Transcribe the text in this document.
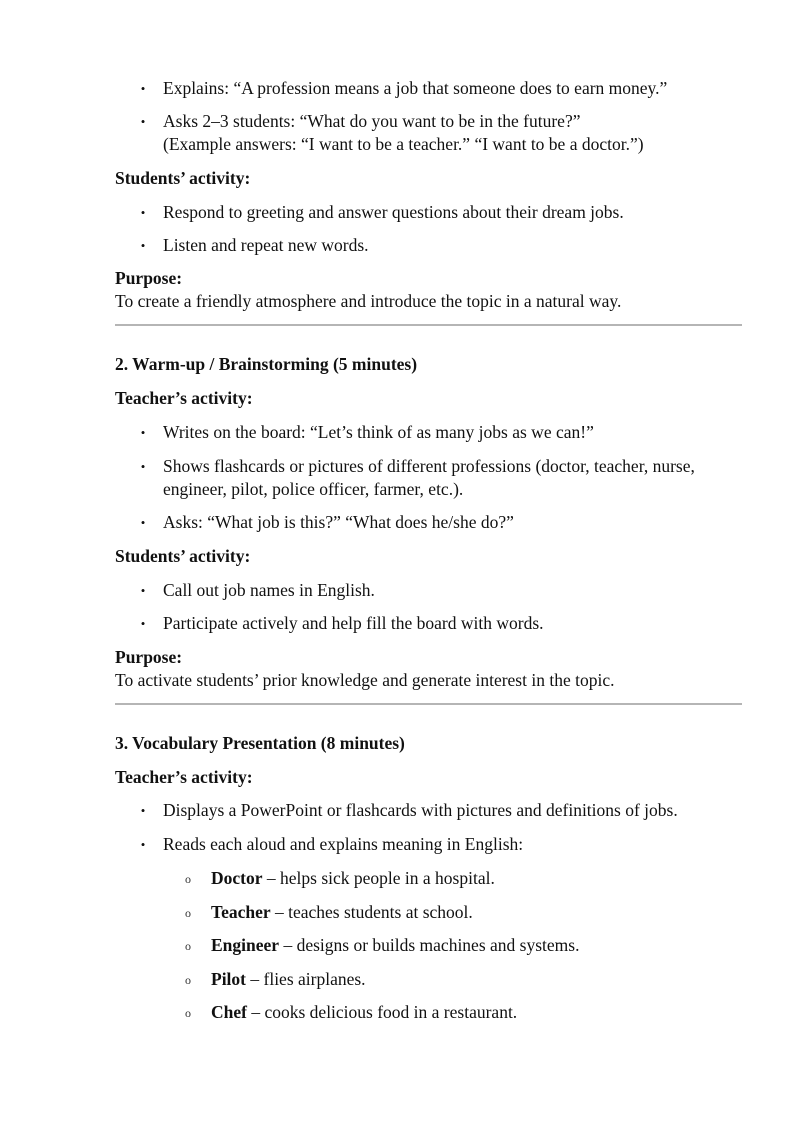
• Explains: “A profession means a job that someone does to earn money.”
• Asks 2–3 students: “What do you want to be in the future?”
(Example answers: “I want to be a teacher.” “I want to be a doctor.”)
Students’ activity:
• Respond to greeting and answer questions about their dream jobs.
• Listen and repeat new words.
Purpose:
To create a friendly atmosphere and introduce the topic in a natural way.
2. Warm-up / Brainstorming (5 minutes)
Teacher’s activity:
• Writes on the board: “Let’s think of as many jobs as we can!”
• Shows flashcards or pictures of different professions (doctor, teacher, nurse,
engineer, pilot, police officer, farmer, etc.).
• Asks: “What job is this?” “What does he/she do?”
Students’ activity:
• Call out job names in English.
• Participate actively and help fill the board with words.
Purpose:
To activate students’ prior knowledge and generate interest in the topic.
3. Vocabulary Presentation (8 minutes)
Teacher’s activity:
• Displays a PowerPoint or flashcards with pictures and definitions of jobs.
• Reads each aloud and explains meaning in English:
o Doctor – helps sick people in a hospital.
o Teacher – teaches students at school.
o Engineer – designs or builds machines and systems.
o Pilot – flies airplanes.
o Chef – cooks delicious food in a restaurant.
